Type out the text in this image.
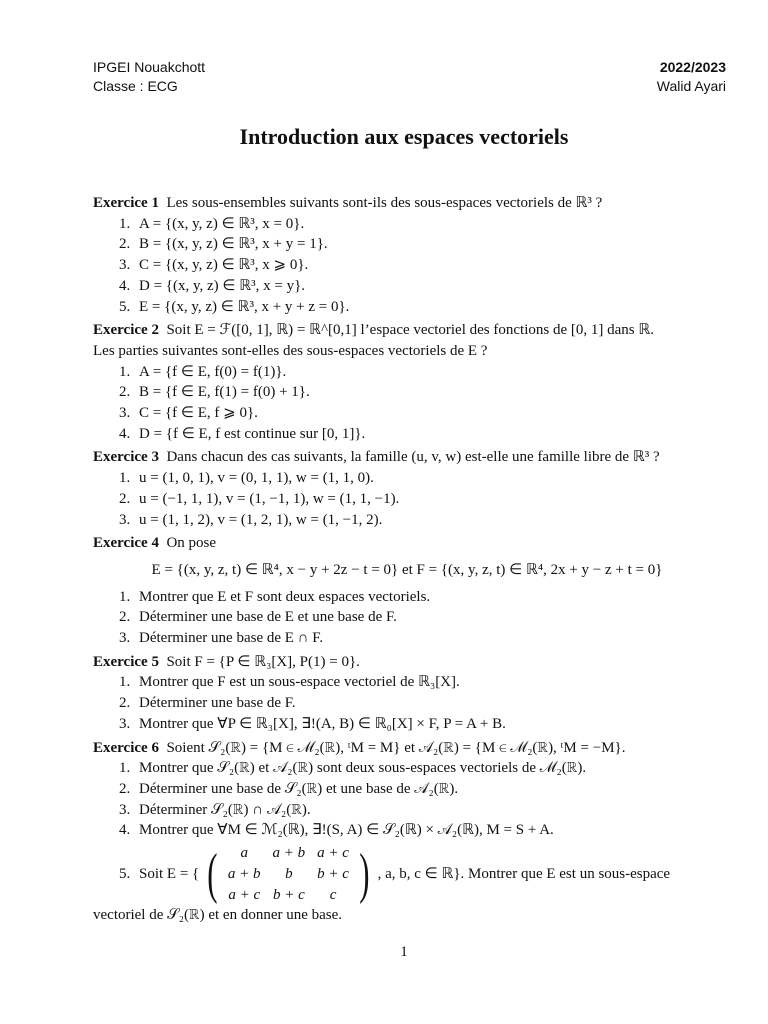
IPGEI Nouakchott
Classe : ECG
2022/2023
Walid Ayari
Introduction aux espaces vectoriels

Exercice 1 Les sous-ensembles suivants sont-ils des sous-espaces vectoriels de ℝ³ ?

1. A = {(x, y, z) ∈ ℝ³, x = 0}.
2. B = {(x, y, z) ∈ ℝ³, x + y = 1}.
3. C = {(x, y, z) ∈ ℝ³, x ⩾ 0}.
4. D = {(x, y, z) ∈ ℝ³, x = y}.
5. E = {(x, y, z) ∈ ℝ³, x + y + z = 0}.

Exercice 2 Soit E = ℱ([0, 1], ℝ) = ℝ^[0,1] l’espace vectoriel des fonctions de [0, 1] dans ℝ.

Les parties suivantes sont-elles des sous-espaces vectoriels de E ?

1. A = {f ∈ E, f(0) = f(1)}.
2. B = {f ∈ E, f(1) = f(0) + 1}.
3. C = {f ∈ E, f ⩾ 0}.
4. D = {f ∈ E, f est continue sur [0, 1]}.

Exercice 3 Dans chacun des cas suivants, la famille (u, v, w) est-elle une famille libre de ℝ³ ?

1. u = (1, 0, 1), v = (0, 1, 1), w = (1, 1, 0).
2. u = (−1, 1, 1), v = (1, −1, 1), w = (1, 1, −1).
3. u = (1, 1, 2), v = (1, 2, 1), w = (1, −1, 2).

Exercice 4 On pose

E = {(x, y, z, t) ∈ ℝ⁴, x − y + 2z − t = 0} et F = {(x, y, z, t) ∈ ℝ⁴, 2x + y − z + t = 0}
1. Montrer que E et F sont deux espaces vectoriels.
2. Déterminer une base de E et une base de F.
3. Déterminer une base de E ∩ F.

Exercice 5 Soit F = {P ∈ ℝ₃[X], P(1) = 0}.

1. Montrer que F est un sous-espace vectoriel de ℝ₃[X].
2. Déterminer une base de F.
3. Montrer que ∀P ∈ ℝ₃[X], ∃!(A, B) ∈ ℝ₀[X] × F, P = A + B.

Exercice 6 Soient 𝒮₂(ℝ) = {M ∈ ℳ₂(ℝ), ᵗM = M} et 𝒜₂(ℝ) = {M ∈ ℳ₂(ℝ), ᵗM = −M}.

1. Montrer que 𝒮₂(ℝ) et 𝒜₂(ℝ) sont deux sous-espaces vectoriels de ℳ₂(ℝ).
2. Déterminer une base de 𝒮₂(ℝ) et une base de 𝒜₂(ℝ).
3. Déterminer 𝒮₂(ℝ) ∩ 𝒜₂(ℝ).
4. Montrer que ∀M ∈ ℳ₂(ℝ), ∃!(S, A) ∈ 𝒮₂(ℝ) × 𝒜₂(ℝ), M = S + A.
5. Soit E = { ( a	a + b	a + c
a + b	b	b + c
a + c	b + c	c ) , a, b, c ∈ ℝ}. Montrer que E est un sous-espace

vectoriel de 𝒮₂(ℝ) et en donner une base.

1
